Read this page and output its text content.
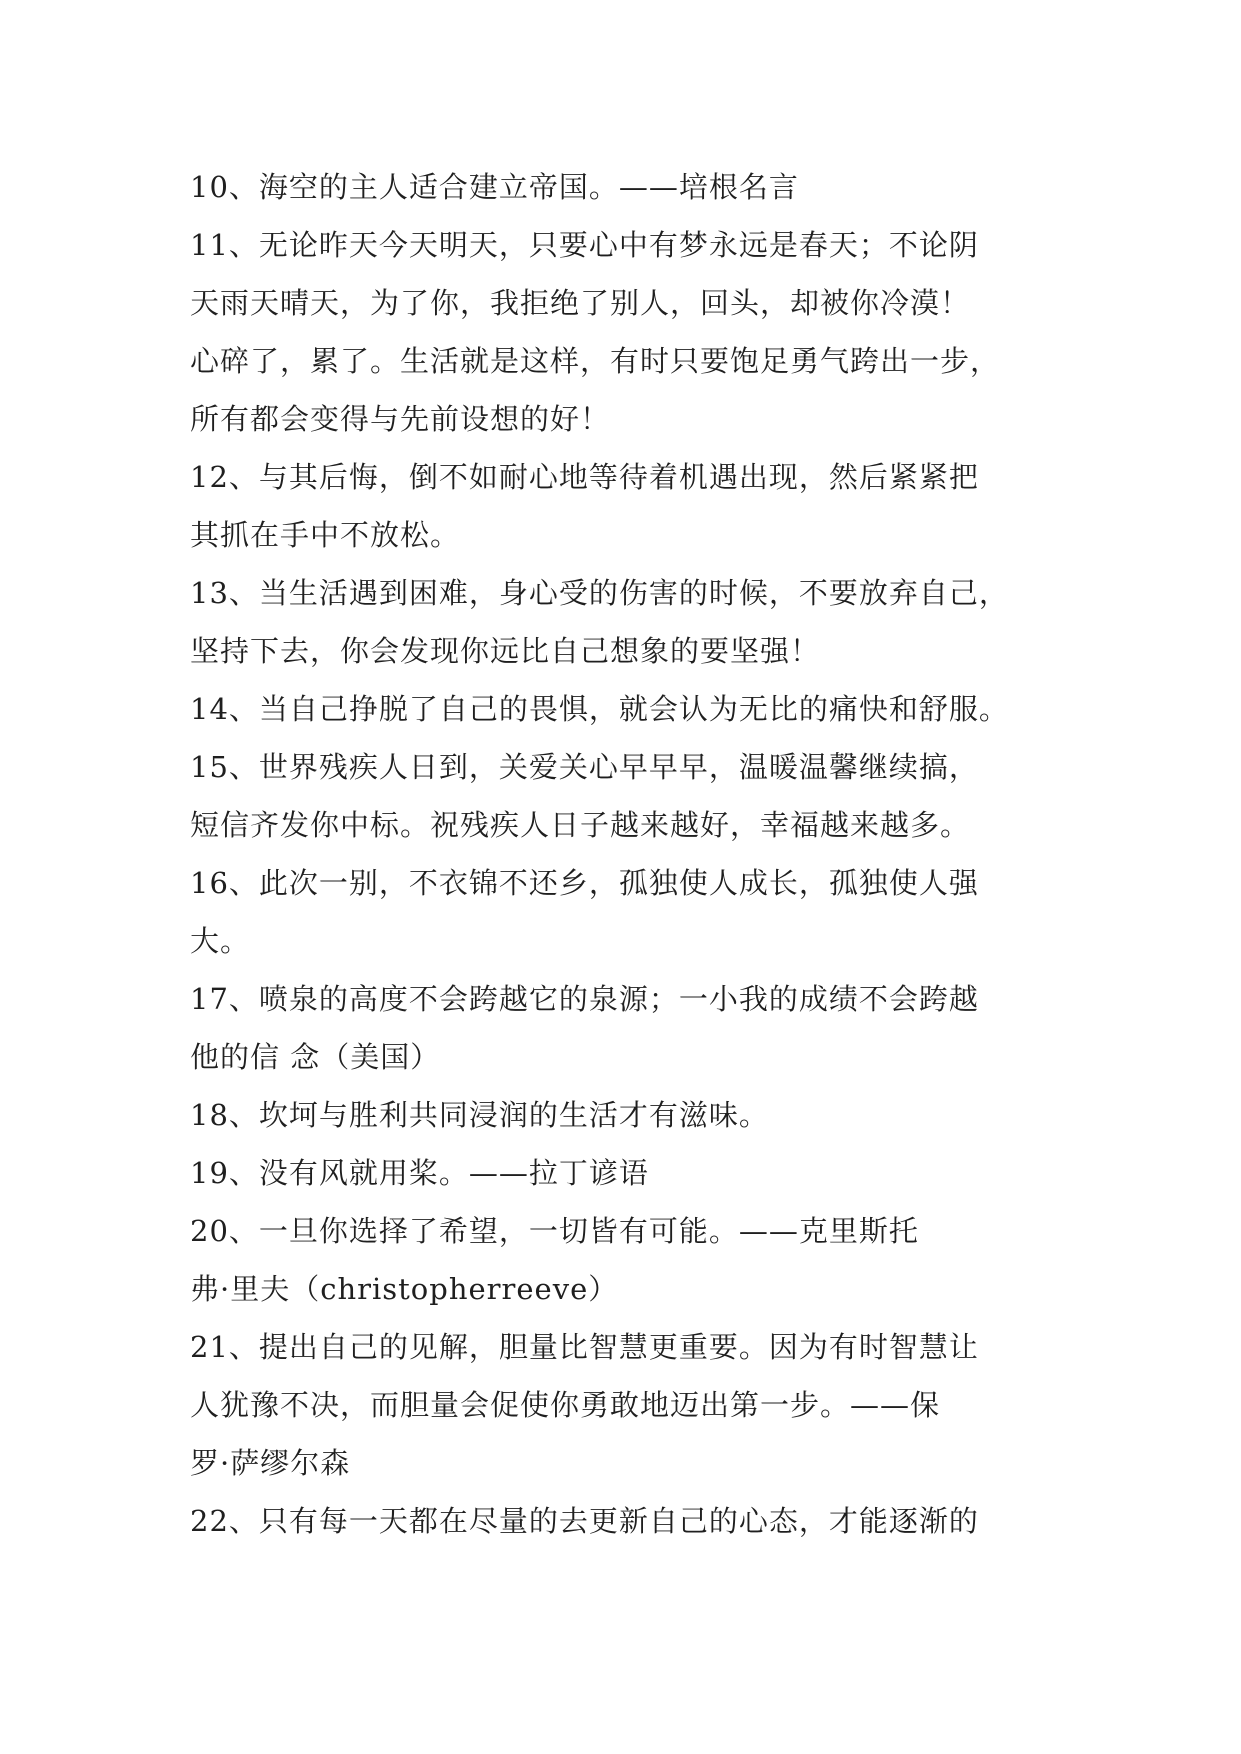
10、海空的主人适合建立帝国。——培根名言
11、无论昨天今天明天，只要心中有梦永远是春天；不论阴
天雨天晴天，为了你，我拒绝了别人，回头，却被你冷漠！
心碎了，累了。生活就是这样，有时只要饱足勇气跨出一步，
所有都会变得与先前设想的好！
12、与其后悔，倒不如耐心地等待着机遇出现，然后紧紧把
其抓在手中不放松。
13、当生活遇到困难，身心受的伤害的时候，不要放弃自己，
坚持下去，你会发现你远比自己想象的要坚强！
14、当自己挣脱了自己的畏惧，就会认为无比的痛快和舒服。
15、世界残疾人日到，关爱关心早早早，温暖温馨继续搞，
短信齐发你中标。祝残疾人日子越来越好，幸福越来越多。
16、此次一别，不衣锦不还乡，孤独使人成长，孤独使人强
大。
17、喷泉的高度不会跨越它的泉源；一小我的成绩不会跨越
他的信 念（美国）
18、坎坷与胜利共同浸润的生活才有滋味。
19、没有风就用桨。——拉丁谚语
20、一旦你选择了希望，一切皆有可能。——克里斯托
弗·里夫（christopherreeve）
21、提出自己的见解，胆量比智慧更重要。因为有时智慧让
人犹豫不决，而胆量会促使你勇敢地迈出第一步。——保
罗·萨缪尔森
22、只有每一天都在尽量的去更新自己的心态，才能逐渐的
